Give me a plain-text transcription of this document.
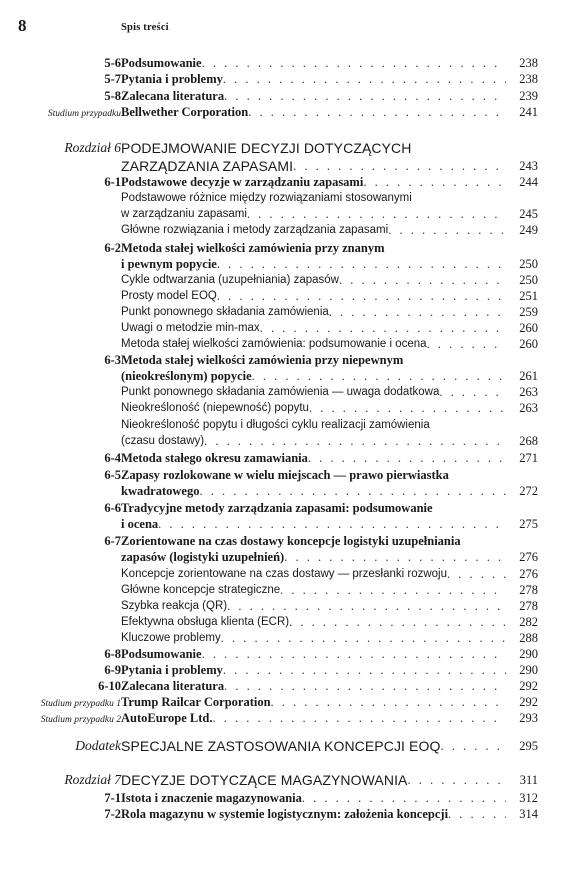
8	Spis treści
5-6 Podsumowanie . . .	238
5-7 Pytania i problemy . . .	238
5-8 Zalecana literatura . . .	239
Studium przypadku Bellwether Corporation . . .	241
Rozdział 6 PODEJMOWANIE DECYZJI DOTYCZĄCYCH
ZARZĄDZANIA ZAPASAMI . . .	243
6-1 Podstawowe decyzje w zarządzaniu zapasami . . .	244
Podstawowe różnice między rozwiązaniami stosowanymi
w zarządzaniu zapasami . . .	245
Główne rozwiązania i metody zarządzania zapasami . . .	249
6-2 Metoda stałej wielkości zamówienia przy znanym
i pewnym popycie . . .	250
Cykle odtwarzania (uzupełniania) zapasów . . .	250
Prosty model EOQ . . .	251
Punkt ponownego składania zamówienia . . .	259
Uwagi o metodzie min-max . . .	260
Metoda stałej wielkości zamówienia: podsumowanie i ocena . . .	260
6-3 Metoda stałej wielkości zamówienia przy niepewnym
(nieokreślonym) popycie . . .	261
Punkt ponownego składania zamówienia — uwaga dodatkowa . . .	263
Nieokreśloność (niepewność) popytu . . .	263
Nieokreśloność popytu i długości cyklu realizacji zamówienia
(czasu dostawy) . . .	268
6-4 Metoda stałego okresu zamawiania . . .	271
6-5 Zapasy rozlokowane w wielu miejscach — prawo pierwiastka
kwadratowego . . .	272
6-6 Tradycyjne metody zarządzania zapasami: podsumowanie
i ocena . . .	275
6-7 Zorientowane na czas dostawy koncepcje logistyki uzupełniania
zapasów (logistyki uzupełnień) . . .	276
Koncepcje zorientowane na czas dostawy — przesłanki rozwoju . . .	276
Główne koncepcje strategiczne . . .	278
Szybka reakcja (QR) . . .	278
Efektywna obsługa klienta (ECR) . . .	282
Kluczowe problemy . . .	288
6-8 Podsumowanie . . .	290
6-9 Pytania i problemy . . .	290
6-10 Zalecana literatura . . .	292
Studium przypadku 1 Trump Railcar Corporation . . .	292
Studium przypadku 2 AutoEurope Ltd. . . .	293
Dodatek SPECJALNE ZASTOSOWANIA KONCEPCJI EOQ . . .	295
Rozdział 7 DECYZJE DOTYCZĄCE MAGAZYNOWANIA . . .	311
7-1 Istota i znaczenie magazynowania . . .	312
7-2 Rola magazynu w systemie logistycznym: założenia koncepcji . . .	314
